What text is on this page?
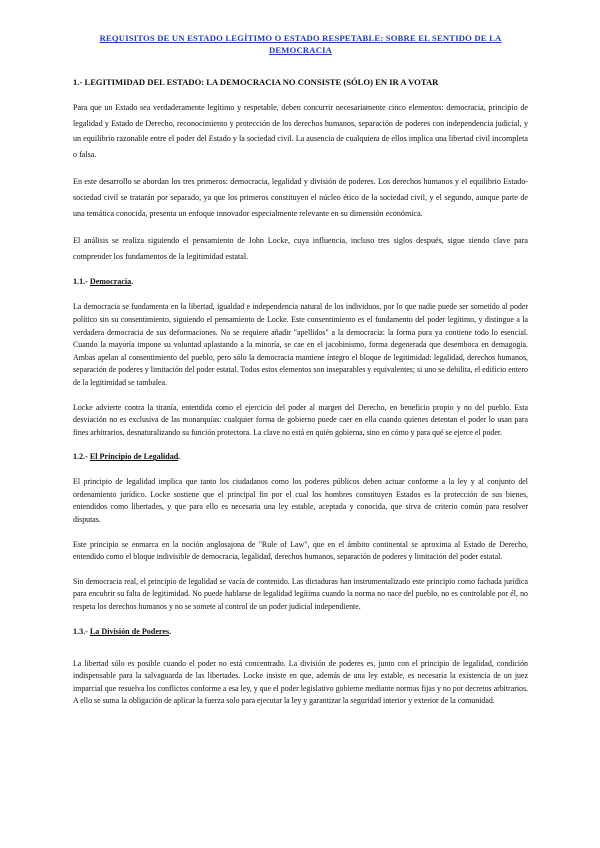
REQUISITOS DE UN ESTADO LEGÍTIMO O ESTADO RESPETABLE: SOBRE EL SENTIDO DE LA DEMOCRACIA
1.- LEGITIMIDAD DEL ESTADO: LA DEMOCRACIA NO CONSISTE (SÓLO) EN IR A VOTAR

Para que un Estado sea verdaderamente legítimo y respetable, deben concurrir necesariamente cinco elementos: democracia, principio de legalidad y Estado de Derecho, reconocimiento y protección de los derechos humanos, separación de poderes con independencia judicial, y un equilibrio razonable entre el poder del Estado y la sociedad civil. La ausencia de cualquiera de ellos implica una libertad civil incompleta o falsa.

En este desarrollo se abordan los tres primeros: democracia, legalidad y división de poderes. Los derechos humanos y el equilibrio Estado-sociedad civil se tratarán por separado, ya que los primeros constituyen el núcleo ético de la sociedad civil, y el segundo, aunque parte de una temática conocida, presenta un enfoque innovador especialmente relevante en su dimensión económica.

El análisis se realiza siguiendo el pensamiento de John Locke, cuya influencia, incluso tres siglos después, sigue siendo clave para comprender los fundamentos de la legitimidad estatal.

1.1.- Democracia.

La democracia se fundamenta en la libertad, igualdad e independencia natural de los individuos, por lo que nadie puede ser sometido al poder político sin su consentimiento, siguiendo el pensamiento de Locke. Este consentimiento es el fundamento del poder legítimo, y distingue a la verdadera democracia de sus deformaciones. No se requiere añadir "apellidos" a la democracia: la forma pura ya contiene todo lo esencial. Cuando la mayoría impone su voluntad aplastando a la minoría, se cae en el jacobinismo, forma degenerada que desemboca en demagogia. Ambas apelan al consentimiento del pueblo, pero sólo la democracia mantiene íntegro el bloque de legitimidad: legalidad, derechos humanos, separación de poderes y limitación del poder estatal. Todos estos elementos son inseparables y equivalentes; si uno se debilita, el edificio entero de la legitimidad se tambalea.

Locke advierte contra la tiranía, entendida como el ejercicio del poder al margen del Derecho, en beneficio propio y no del pueblo. Esta desviación no es exclusiva de las monarquías: cualquier forma de gobierno puede caer en ella cuando quienes detentan el poder lo usan para fines arbitrarios, desnaturalizando su función protectora. La clave no está en quién gobierna, sino en cómo y para qué se ejerce el poder.

1.2.- El Principio de Legalidad.

El principio de legalidad implica que tanto los ciudadanos como los poderes públicos deben actuar conforme a la ley y al conjunto del ordenamiento jurídico. Locke sostiene que el principal fin por el cual los hombres constituyen Estados es la protección de sus bienes, entendidos como libertades, y que para ello es necesaria una ley estable, aceptada y conocida, que sirva de criterio común para resolver disputas.

Este principio se enmarca en la noción anglosajona de "Rule of Law", que en el ámbito continental se aproxima al Estado de Derecho, entendido como el bloque indivisible de democracia, legalidad, derechos humanos, separación de poderes y limitación del poder estatal.

Sin democracia real, el principio de legalidad se vacía de contenido. Las dictaduras han instrumentalizado este principio como fachada jurídica para encubrir su falta de legitimidad. No puede hablarse de legalidad legítima cuando la norma no nace del pueblo, no es controlable por él, no respeta los derechos humanos y no se somete al control de un poder judicial independiente.

1.3.- La División de Poderes.

La libertad sólo es posible cuando el poder no está concentrado. La división de poderes es, junto con el principio de legalidad, condición indispensable para la salvaguarda de las libertades. Locke insiste en que, además de una ley estable, es necesaria la existencia de un juez imparcial que resuelva los conflictos conforme a esa ley, y que el poder legislativo gobierne mediante normas fijas y no por decretos arbitrarios. A ello se suma la obligación de aplicar la fuerza solo para ejecutar la ley y garantizar la seguridad interior y exterior de la comunidad.
